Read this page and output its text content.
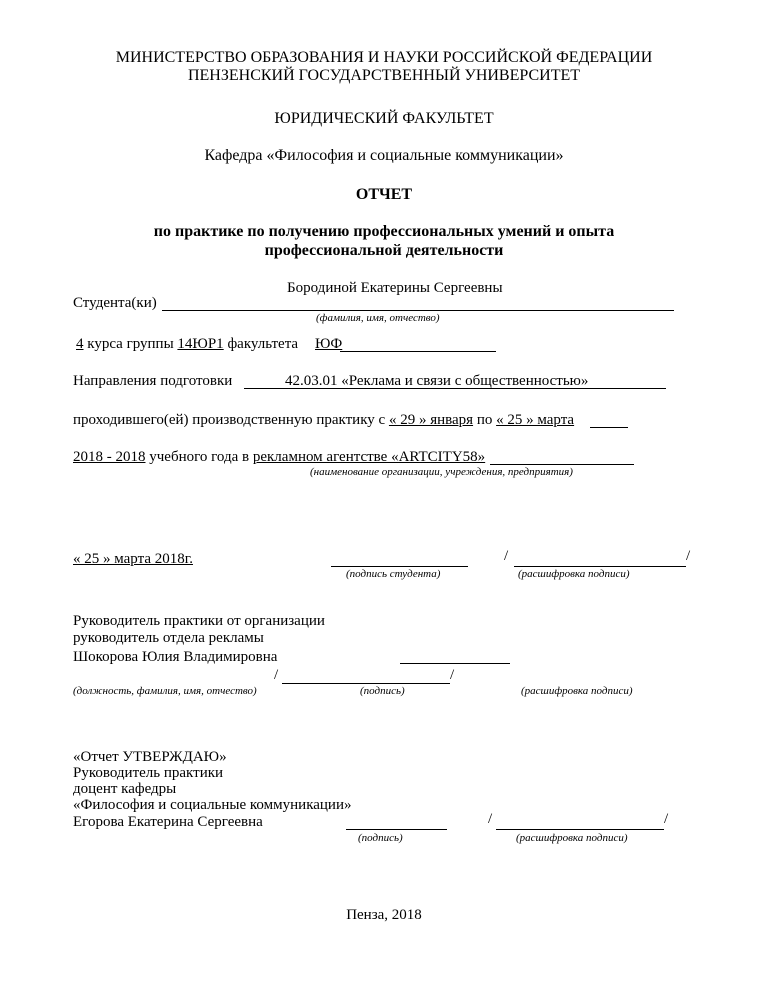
МИНИСТЕРСТВО ОБРАЗОВАНИЯ И НАУКИ РОССИЙСКОЙ ФЕДЕРАЦИИ
ПЕНЗЕНСКИЙ ГОСУДАРСТВЕННЫЙ УНИВЕРСИТЕТ
ЮРИДИЧЕСКИЙ ФАКУЛЬТЕТ
Кафедра «Философия и социальные коммуникации»
ОТЧЕТ
по практике по получению профессиональных умений и опыта
профессиональной деятельности
Бородиной Екатерины Сергеевны
Студента(ки)
(фамилия, имя, отчество)
4 курса группы 14ЮР1 факультета ЮФ
Направления подготовки	42.03.01 «Реклама и связи с общественностью»
проходившего(ей) производственную практику с « 29 » января по « 25 » марта
2018 - 2018 учебного года в рекламном агентстве «ARTCITY58»
(наименование организации, учреждения, предприятия)
« 25 » марта 2018г.	/	/
(подпись студента)	(расшифровка подписи)
Руководитель практики от организации
руководитель отдела рекламы
Шокорова Юлия Владимировна
/	/
(должность, фамилия, имя, отчество)	(подпись)	(расшифровка подписи)
«Отчет УТВЕРЖДАЮ»
Руководитель практики
доцент кафедры
«Философия и социальные коммуникации»
Егорова Екатерина Сергеевна	/	/
(подпись)	(расшифровка подписи)
Пенза, 2018
